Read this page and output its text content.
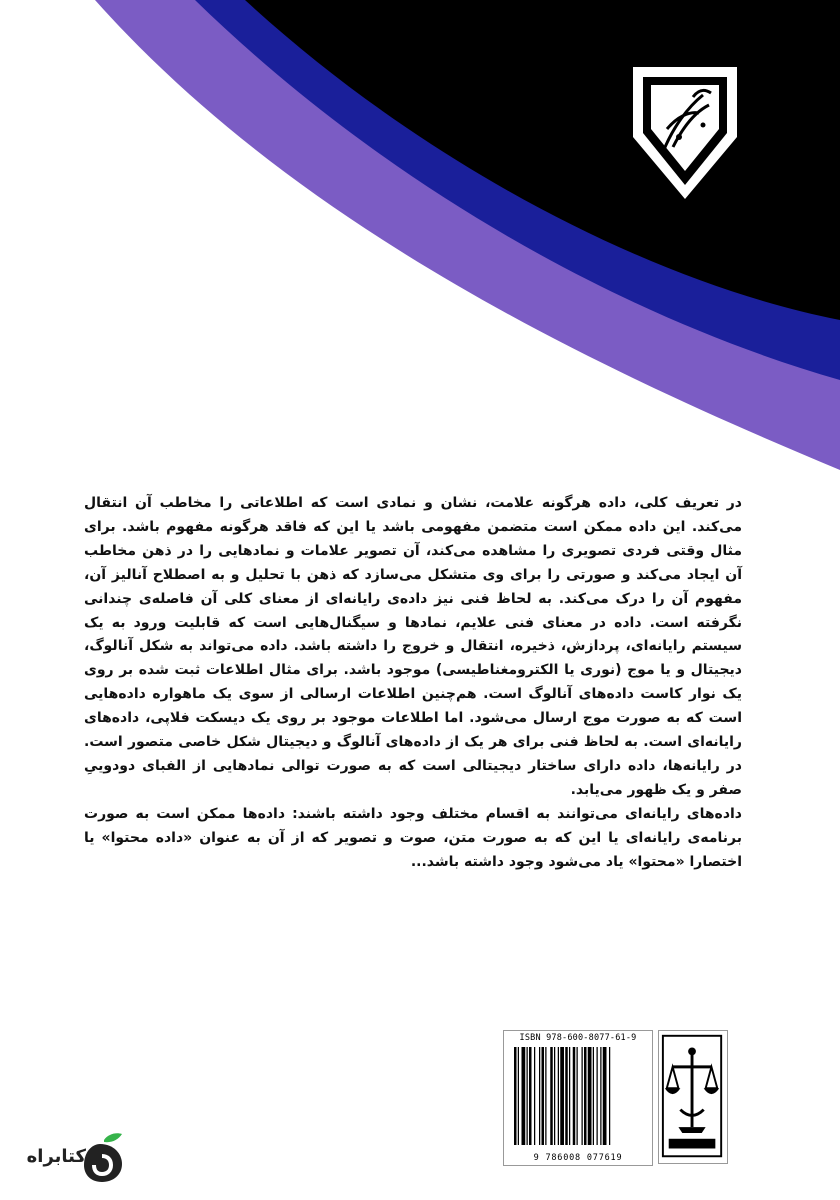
در تعریف کلی، داده هرگونه علامت، نشان و نمادی است که اطلاعاتی را مخاطب آن انتقال می‌کند. این داده ممکن است متضمن مفهومی باشد یا این که فاقد هرگونه مفهوم باشد. برای مثال وقتی فردی تصویری را مشاهده می‌کند، آن تصویر علامات و نمادهایی را در ذهن مخاطب آن ایجاد می‌کند و صورتی را برای وی متشکل می‌سازد که ذهن با تحلیل و به اصطلاح آنالیز آن، مفهوم آن را درک می‌کند. به لحاظ فنی نیز داده‌ی رایانه‌ای از معنای کلی آن فاصله‌ی چندانی نگرفته است. داده در معنای فنی علایم، نمادها و سیگنال‌هایی است که قابلیت ورود به یک سیستم رایانه‌ای، پردازش، ذخیره، انتقال و خروج را داشته باشد. داده می‌تواند به شکل آنالوگ، دیجیتال و یا موج (نوری یا الکترومغناطیسی) موجود باشد. برای مثال اطلاعات ثبت شده بر روی یک نوار کاست داده‌های آنالوگ است. هم‌چنین اطلاعات ارسالی از سوی یک ماهواره داده‌هایی است که به صورت موج ارسال می‌شود. اما اطلاعات موجود بر روی یک دیسکت فلاپی، داده‌های رایانه‌ای است. به لحاظ فنی برای هر یک از داده‌های آنالوگ و دیجیتال شکل خاصی متصور است. در رایانه‌ها، داده دارای ساختار دیجیتالی است که به صورت توالی نمادهایی از الفبای دودوییِ صفر و یک ظهور می‌یابد.

داده‌های رایانه‌ای می‌توانند به اقسام مختلف وجود داشته باشند: داده‌ها ممکن است به صورت برنامه‌ی رایانه‌ای یا این که به صورت متن، صوت و تصویر که از آن به عنوان «داده محتوا» یا اختصارا «محتوا» یاد می‌شود وجود داشته باشد...

ISBN 978-600-8077-61-9
9 786008 077619
کتابراه
